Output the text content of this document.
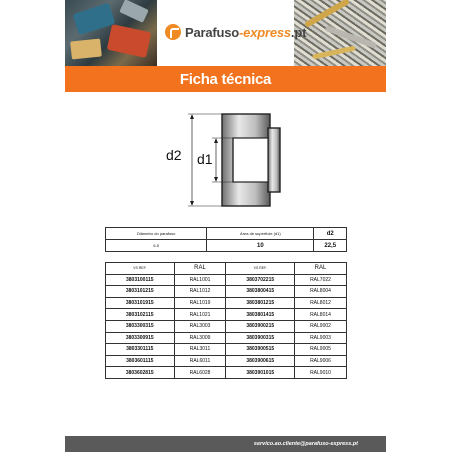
Parafuso-express.pt
Ficha técnica
d2 d1
Diâmetro do parafuso	Área de superfície (d1)	d2
6.5	10	22,5
VS REF.	RAL	VS REF.	RAL
3803100115	RAL1001	3803702215	RAL7022
3803101215	RAL1012	3803800415	RAL8004
3803101915	RAL1019	3803801215	RAL8012
3803102115	RAL1021	3803801415	RAL8014
3803300315	RAL3003	3803900215	RAL9002
3803300915	RAL3009	3803900315	RAL9003
3803301115	RAL3011	3803900515	RAL9005
3803601115	RAL6011	3803900615	RAL9006
3803602815	RAL6028	3803901015	RAL9010
servico.ao.cliente@parafuso-express.pt
